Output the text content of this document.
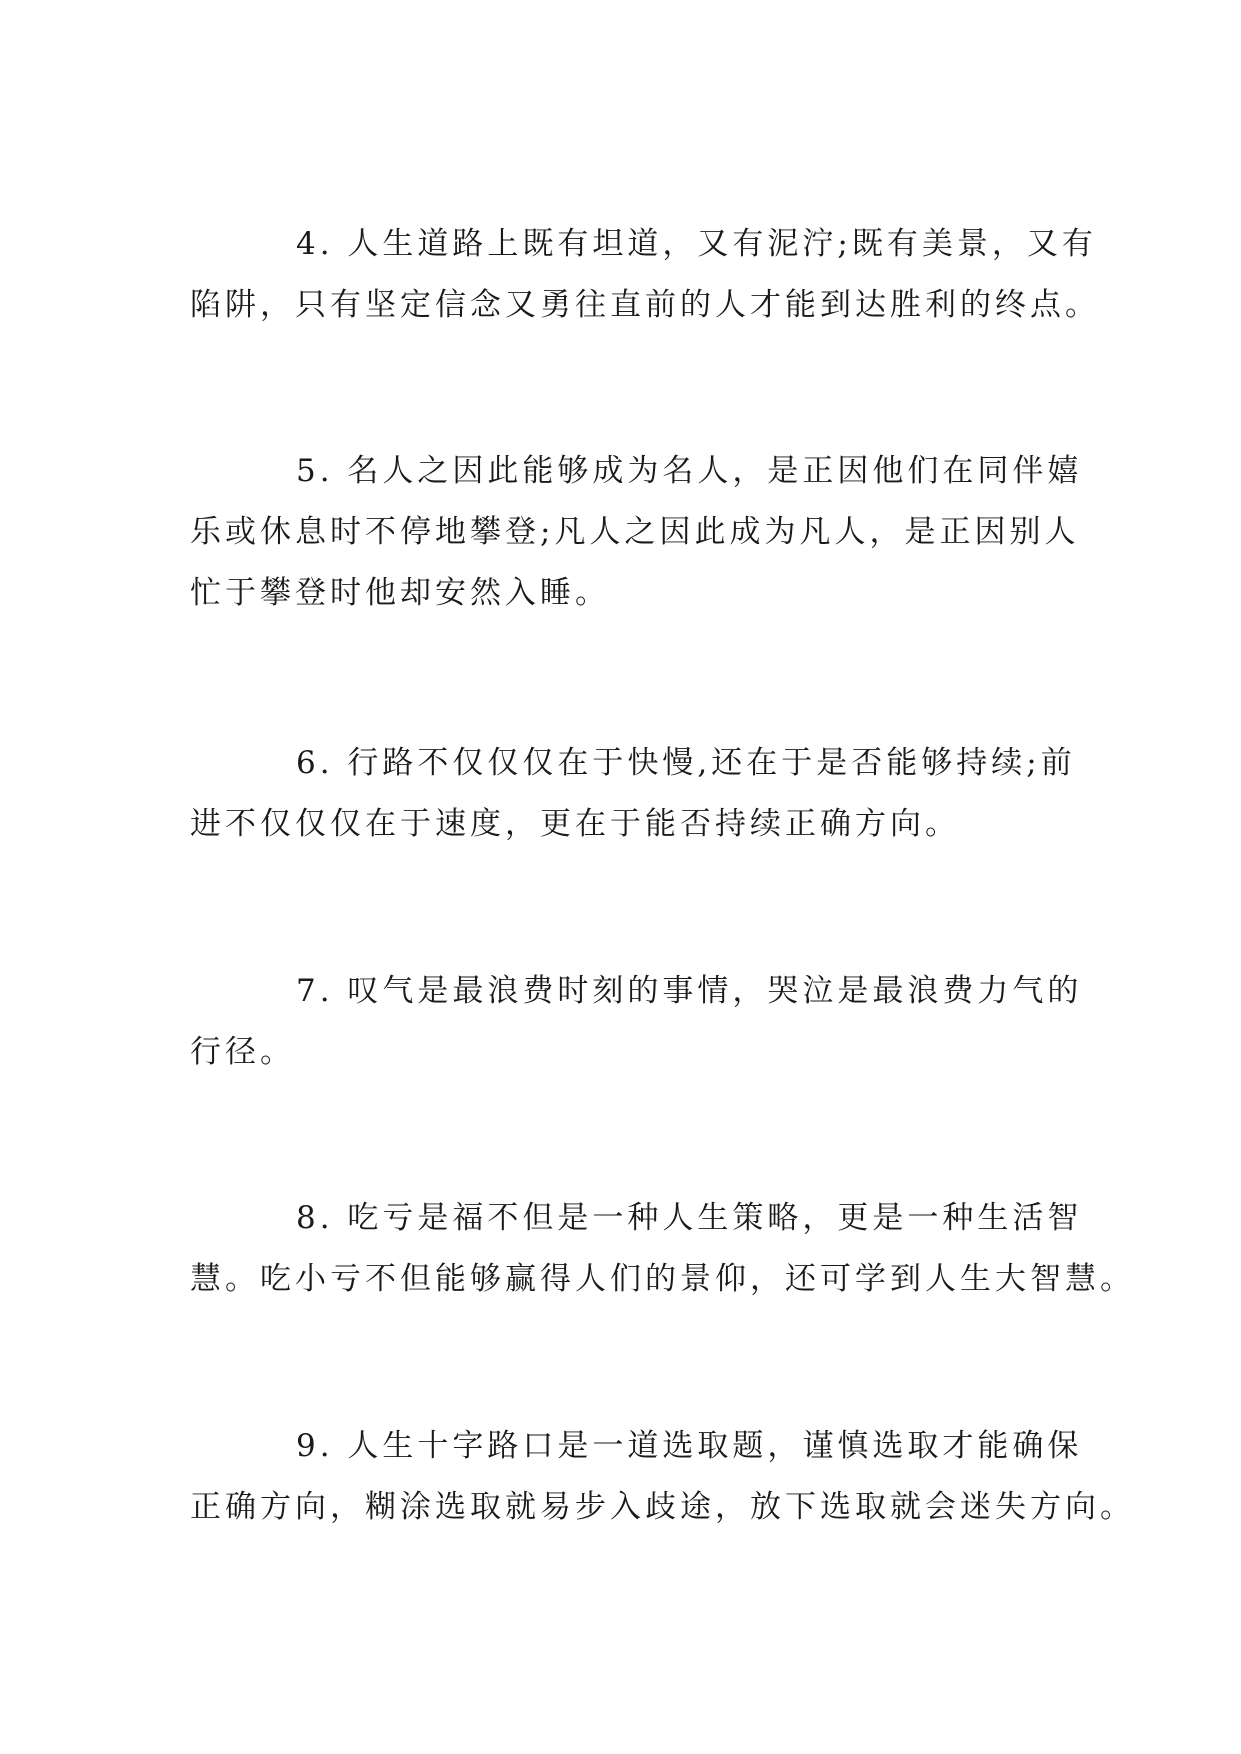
4. 人生道路上既有坦道，又有泥泞;既有美景，又有
陷阱，只有坚定信念又勇往直前的人才能到达胜利的终点。

5. 名人之因此能够成为名人，是正因他们在同伴嬉
乐或休息时不停地攀登;凡人之因此成为凡人，是正因别人
忙于攀登时他却安然入睡。

6. 行路不仅仅仅在于快慢,还在于是否能够持续;前
进不仅仅仅在于速度，更在于能否持续正确方向。

7. 叹气是最浪费时刻的事情，哭泣是最浪费力气的
行径。

8. 吃亏是福不但是一种人生策略，更是一种生活智
慧。吃小亏不但能够赢得人们的景仰，还可学到人生大智慧。

9. 人生十字路口是一道选取题，谨慎选取才能确保
正确方向，糊涂选取就易步入歧途，放下选取就会迷失方向。
